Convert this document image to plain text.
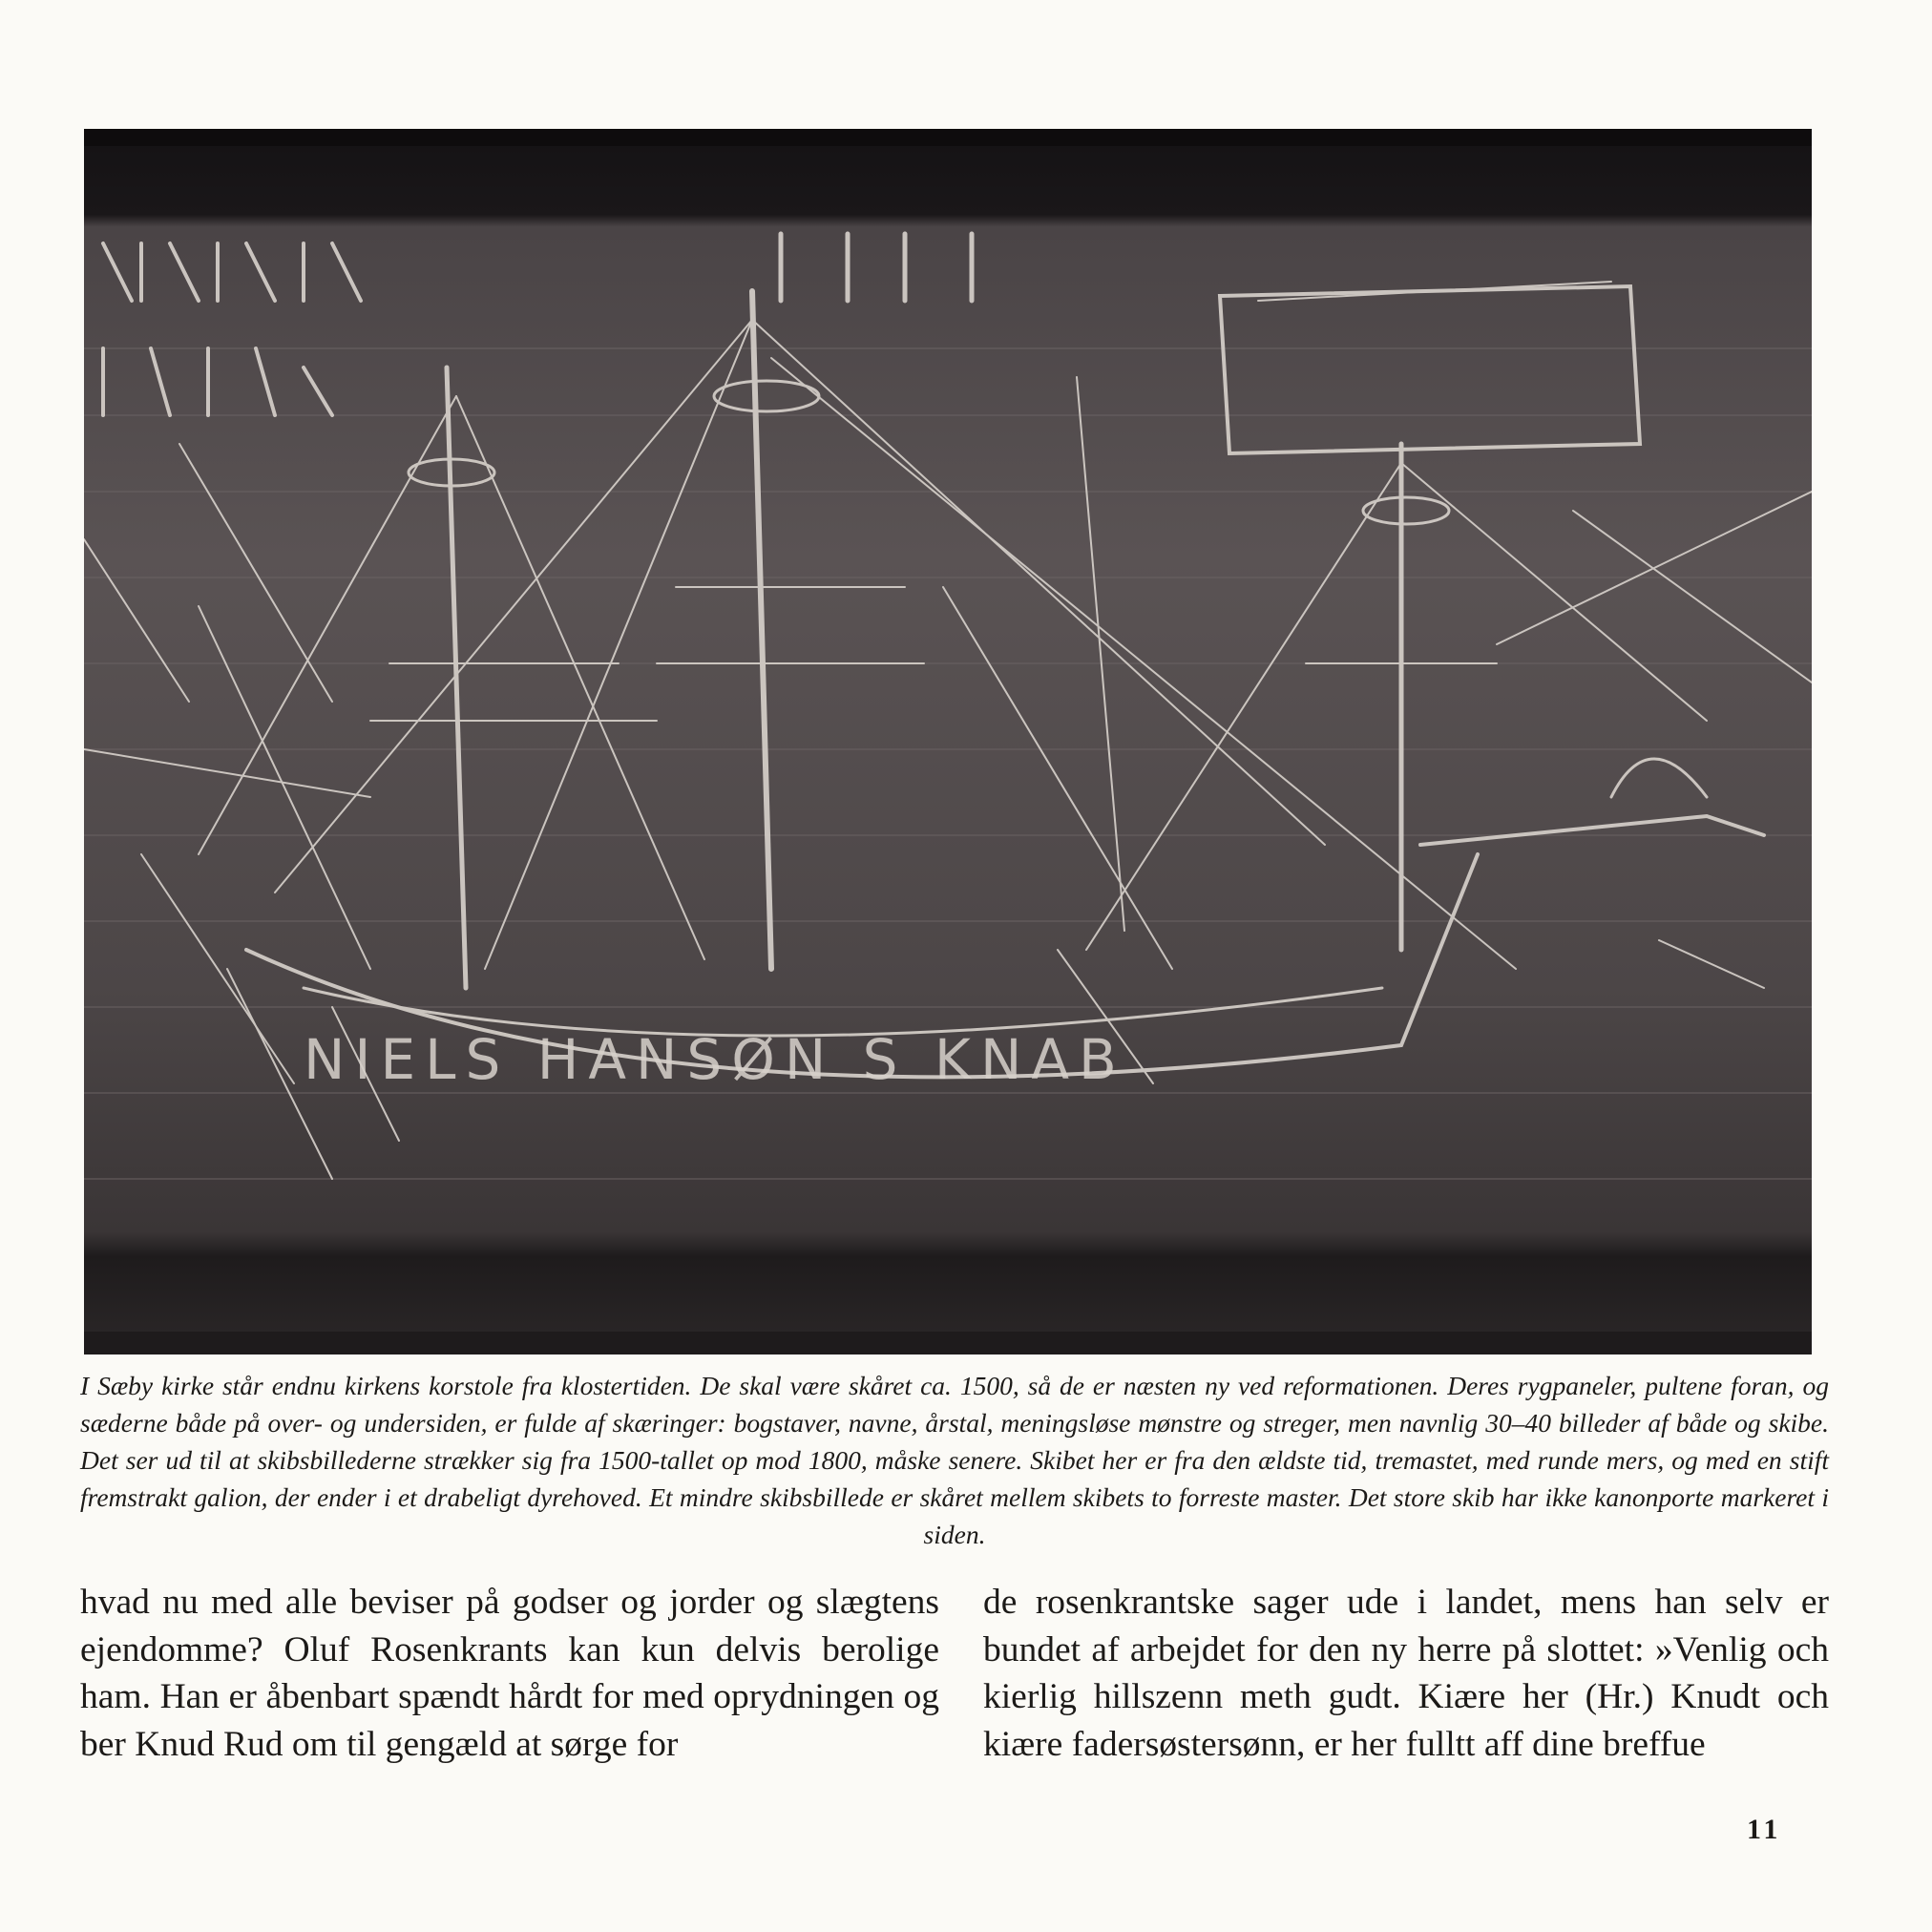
NIELS HANSØN S KNAB

I Sæby kirke står endnu kirkens korstole fra klostertiden. De skal være skåret ca. 1500, så de er næsten ny ved reformationen. Deres rygpaneler, pultene foran, og sæderne både på over- og undersiden, er fulde af skæringer: bogstaver, navne, årstal, meningsløse mønstre og streger, men navnlig 30–40 billeder af både og skibe. Det ser ud til at skibsbillederne strækker sig fra 1500-tallet op mod 1800, måske senere. Skibet her er fra den ældste tid, tremastet, med runde mers, og med en stift fremstrakt galion, der ender i et drabeligt dyrehoved. Et mindre skibsbillede er skåret mellem skibets to forreste master. Det store skib har ikke kanonporte markeret i siden.

hvad nu med alle beviser på godser og jorder og slægtens ejendomme? Oluf Rosenkrants kan kun delvis berolige ham. Han er åbenbart spændt hårdt for med oprydningen og ber Knud Rud om til gengæld at sørge for

de rosenkrantske sager ude i landet, mens han selv er bundet af arbejdet for den ny herre på slottet: »Venlig och kierlig hillszenn meth gudt. Kiære her (Hr.) Knudt och kiære fadersøstersønn, er her fulltt aff dine breffue

11
